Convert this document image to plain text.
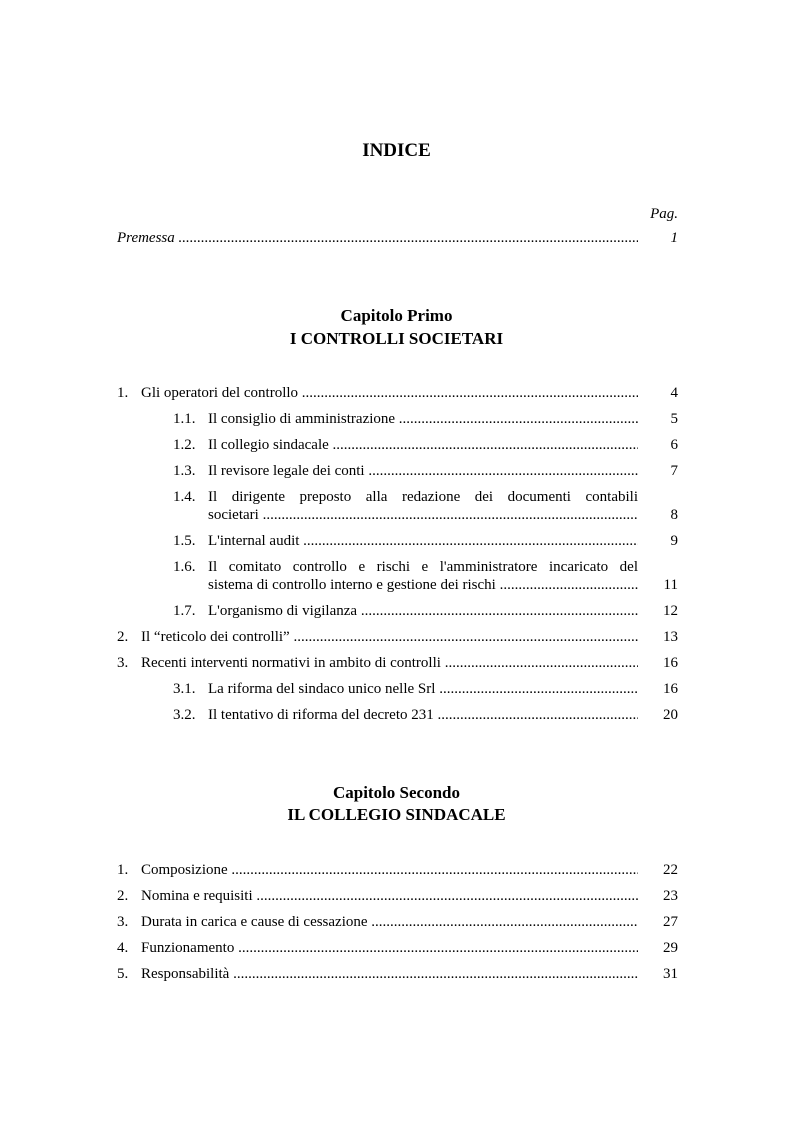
INDICE
Pag.
Premessa .....	1
Capitolo Primo
I CONTROLLI SOCIETARI
1. Gli operatori del controllo .....	4
1.1. Il consiglio di amministrazione .....	5
1.2. Il collegio sindacale .....	6
1.3. Il revisore legale dei conti .....	7
1.4. Il dirigente preposto alla redazione dei documenti contabili
societari .....	8
1.5. L'internal audit .....	9
1.6. Il comitato controllo e rischi e l'amministratore incaricato del
sistema di controllo interno e gestione dei rischi .....	11
1.7. L'organismo di vigilanza .....	12
2. Il “reticolo dei controlli” .....	13
3. Recenti interventi normativi in ambito di controlli .....	16
3.1. La riforma del sindaco unico nelle Srl .....	16
3.2. Il tentativo di riforma del decreto 231 .....	20
Capitolo Secondo
IL COLLEGIO SINDACALE
1. Composizione .....	22
2. Nomina e requisiti .....	23
3. Durata in carica e cause di cessazione .....	27
4. Funzionamento .....	29
5. Responsabilità .....	31
